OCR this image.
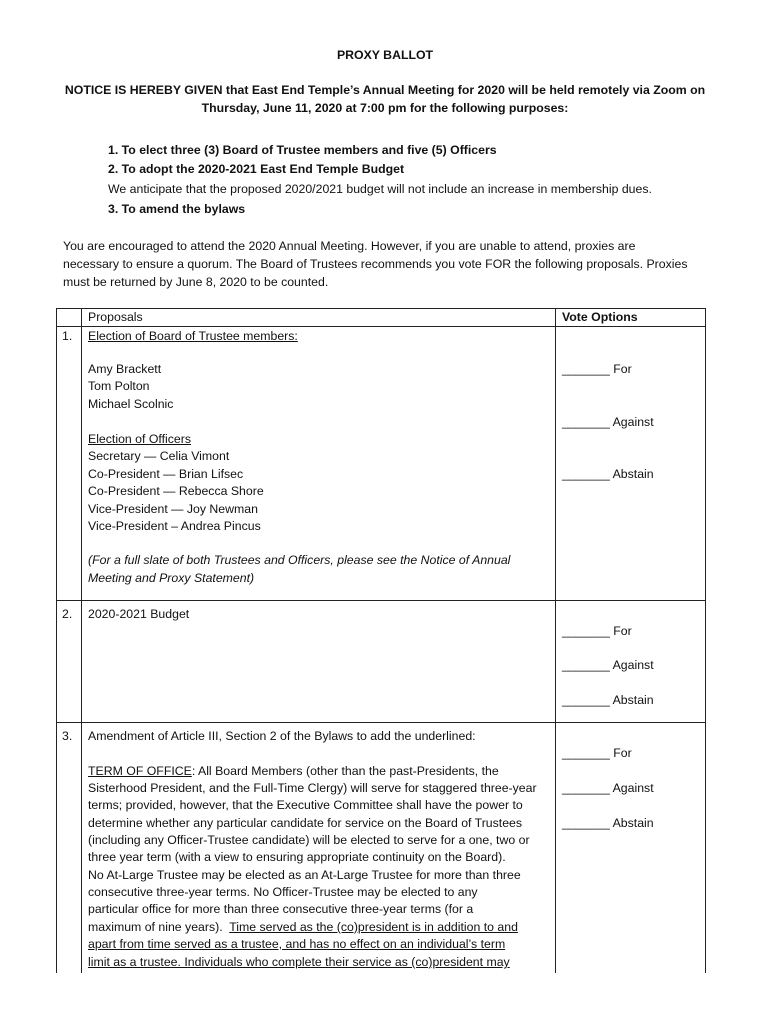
PROXY BALLOT
NOTICE IS HEREBY GIVEN that East End Temple’s Annual Meeting for 2020 will be held remotely via Zoom on
Thursday, June 11, 2020 at 7:00 pm for the following purposes:
1. To elect three (3) Board of Trustee members and five (5) Officers
2. To adopt the 2020-2021 East End Temple Budget
We anticipate that the proposed 2020/2021 budget will not include an increase in membership dues.
3. To amend the bylaws
You are encouraged to attend the 2020 Annual Meeting. However, if you are unable to attend, proxies are
necessary to ensure a quorum. The Board of Trustees recommends you vote FOR the following proposals. Proxies
must be returned by June 8, 2020 to be counted.
Proposals	Vote Options
1. Election of Board of Trustee members:
Amy Brackett
Tom Polton
Michael Scolnic
Election of Officers
Secretary — Celia Vimont
Co-President — Brian Lifsec
Co-President — Rebecca Shore
Vice-President — Joy Newman
Vice-President – Andrea Pincus
(For a full slate of both Trustees and Officers, please see the Notice of Annual
Meeting and Proxy Statement)
_______ For
_______ Against
_______ Abstain
2. 2020-2021 Budget
_______ For
_______ Against
_______ Abstain
3. Amendment of Article III, Section 2 of the Bylaws to add the underlined:
TERM OF OFFICE: All Board Members (other than the past-Presidents, the
Sisterhood President, and the Full-Time Clergy) will serve for staggered three-year
terms; provided, however, that the Executive Committee shall have the power to
determine whether any particular candidate for service on the Board of Trustees
(including any Officer-Trustee candidate) will be elected to serve for a one, two or
three year term (with a view to ensuring appropriate continuity on the Board).
No At-Large Trustee may be elected as an At-Large Trustee for more than three
consecutive three-year terms. No Officer-Trustee may be elected to any
particular office for more than three consecutive three-year terms (for a
maximum of nine years).  Time served as the (co)president is in addition to and
apart from time served as a trustee, and has no effect on an individual’s term
limit as a trustee. Individuals who complete their service as (co)president may
_______ For
_______ Against
_______ Abstain
